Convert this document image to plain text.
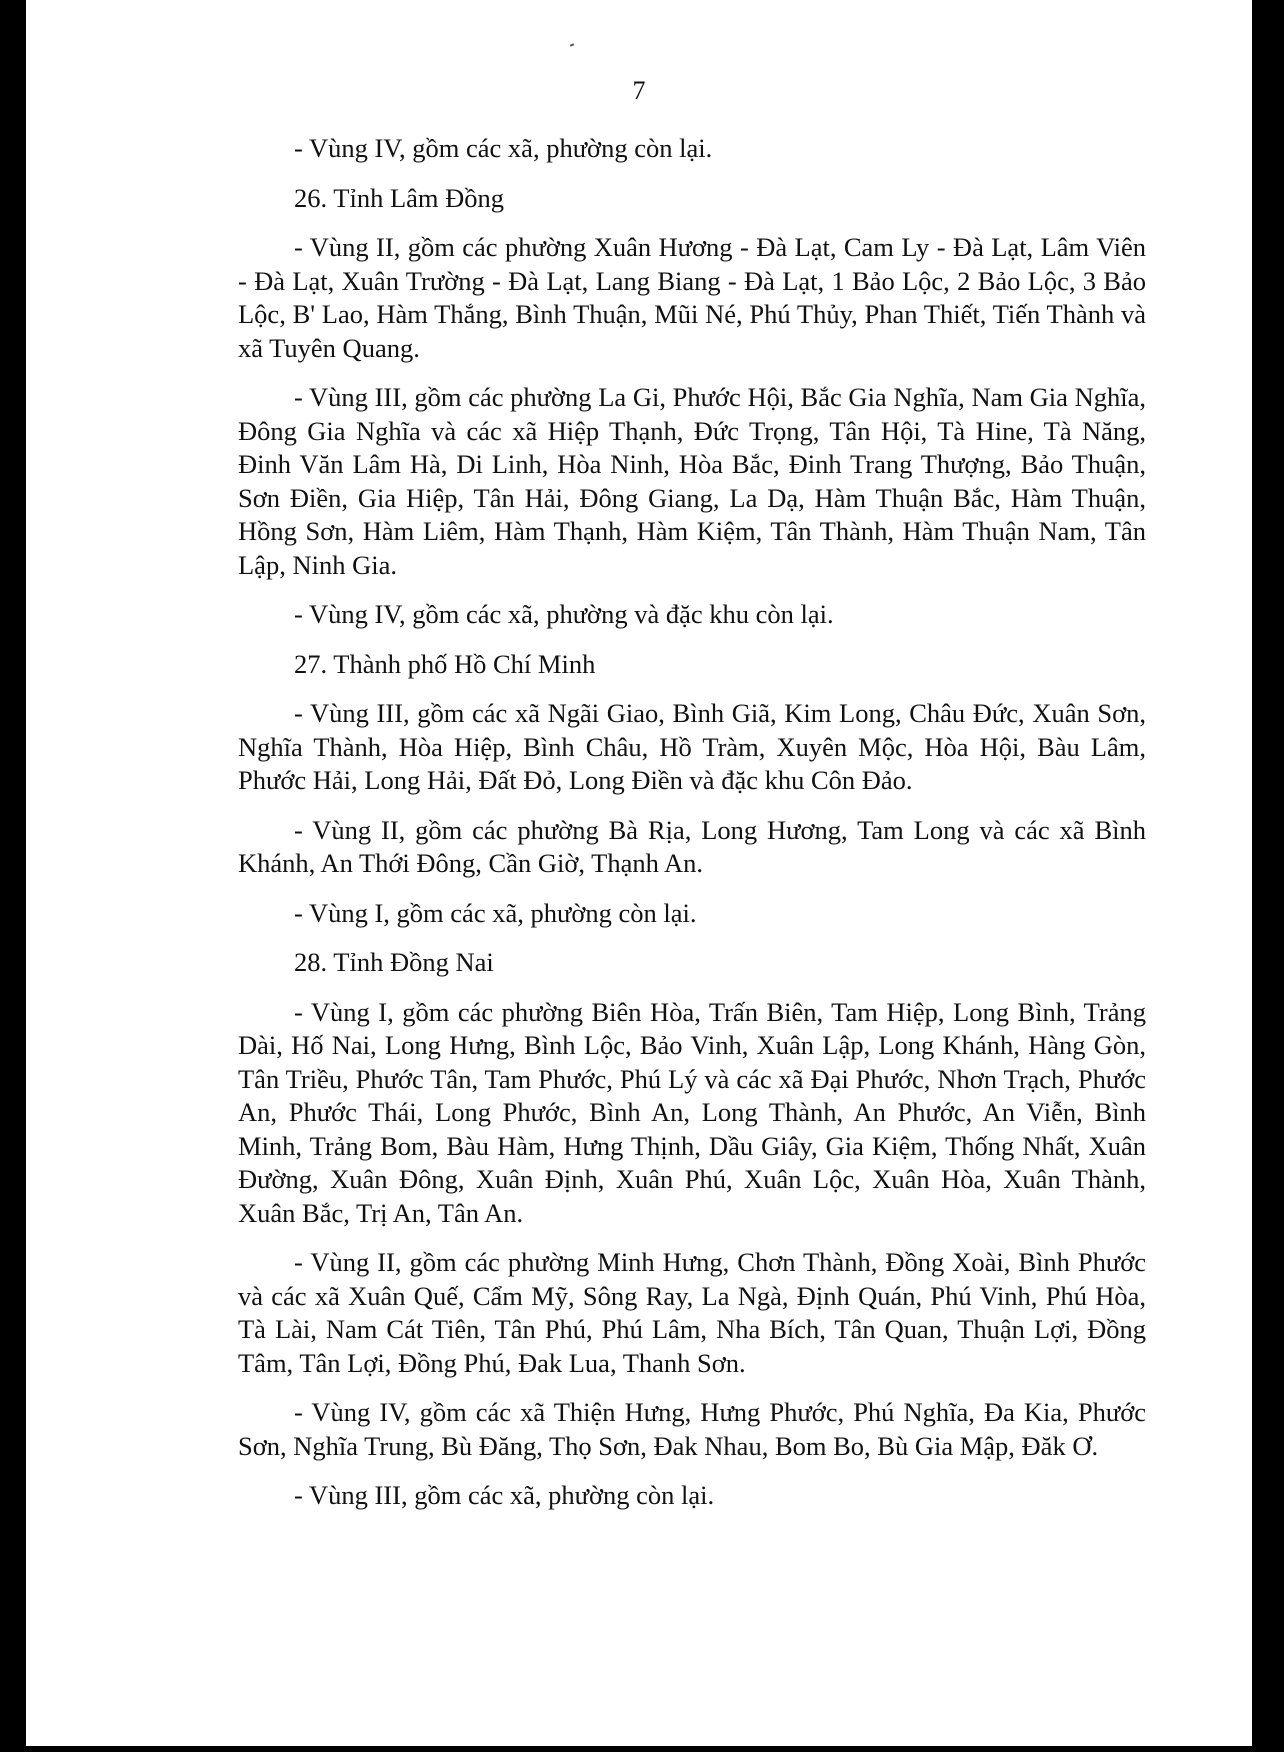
7

- Vùng IV, gồm các xã, phường còn lại.

26. Tỉnh Lâm Đồng

- Vùng II, gồm các phường Xuân Hương - Đà Lạt, Cam Ly - Đà Lạt, Lâm Viên - Đà Lạt, Xuân Trường - Đà Lạt, Lang Biang - Đà Lạt, 1 Bảo Lộc, 2 Bảo Lộc, 3 Bảo Lộc, B' Lao, Hàm Thắng, Bình Thuận, Mũi Né, Phú Thủy, Phan Thiết, Tiến Thành và xã Tuyên Quang.

- Vùng III, gồm các phường La Gi, Phước Hội, Bắc Gia Nghĩa, Nam Gia Nghĩa, Đông Gia Nghĩa và các xã Hiệp Thạnh, Đức Trọng, Tân Hội, Tà Hine, Tà Năng, Đinh Văn Lâm Hà, Di Linh, Hòa Ninh, Hòa Bắc, Đinh Trang Thượng, Bảo Thuận, Sơn Điền, Gia Hiệp, Tân Hải, Đông Giang, La Dạ, Hàm Thuận Bắc, Hàm Thuận, Hồng Sơn, Hàm Liêm, Hàm Thạnh, Hàm Kiệm, Tân Thành, Hàm Thuận Nam, Tân Lập, Ninh Gia.

- Vùng IV, gồm các xã, phường và đặc khu còn lại.

27. Thành phố Hồ Chí Minh

- Vùng III, gồm các xã Ngãi Giao, Bình Giã, Kim Long, Châu Đức, Xuân Sơn, Nghĩa Thành, Hòa Hiệp, Bình Châu, Hồ Tràm, Xuyên Mộc, Hòa Hội, Bàu Lâm, Phước Hải, Long Hải, Đất Đỏ, Long Điền và đặc khu Côn Đảo.

- Vùng II, gồm các phường Bà Rịa, Long Hương, Tam Long và các xã Bình Khánh, An Thới Đông, Cần Giờ, Thạnh An.

- Vùng I, gồm các xã, phường còn lại.

28. Tỉnh Đồng Nai

- Vùng I, gồm các phường Biên Hòa, Trấn Biên, Tam Hiệp, Long Bình, Trảng Dài, Hố Nai, Long Hưng, Bình Lộc, Bảo Vinh, Xuân Lập, Long Khánh, Hàng Gòn, Tân Triều, Phước Tân, Tam Phước, Phú Lý và các xã Đại Phước, Nhơn Trạch, Phước An, Phước Thái, Long Phước, Bình An, Long Thành, An Phước, An Viễn, Bình Minh, Trảng Bom, Bàu Hàm, Hưng Thịnh, Dầu Giây, Gia Kiệm, Thống Nhất, Xuân Đường, Xuân Đông, Xuân Định, Xuân Phú, Xuân Lộc, Xuân Hòa, Xuân Thành, Xuân Bắc, Trị An, Tân An.

- Vùng II, gồm các phường Minh Hưng, Chơn Thành, Đồng Xoài, Bình Phước và các xã Xuân Quế, Cẩm Mỹ, Sông Ray, La Ngà, Định Quán, Phú Vinh, Phú Hòa, Tà Lài, Nam Cát Tiên, Tân Phú, Phú Lâm, Nha Bích, Tân Quan, Thuận Lợi, Đồng Tâm, Tân Lợi, Đồng Phú, Đak Lua, Thanh Sơn.

- Vùng IV, gồm các xã Thiện Hưng, Hưng Phước, Phú Nghĩa, Đa Kia, Phước Sơn, Nghĩa Trung, Bù Đăng, Thọ Sơn, Đak Nhau, Bom Bo, Bù Gia Mập, Đăk Ơ.

- Vùng III, gồm các xã, phường còn lại.
